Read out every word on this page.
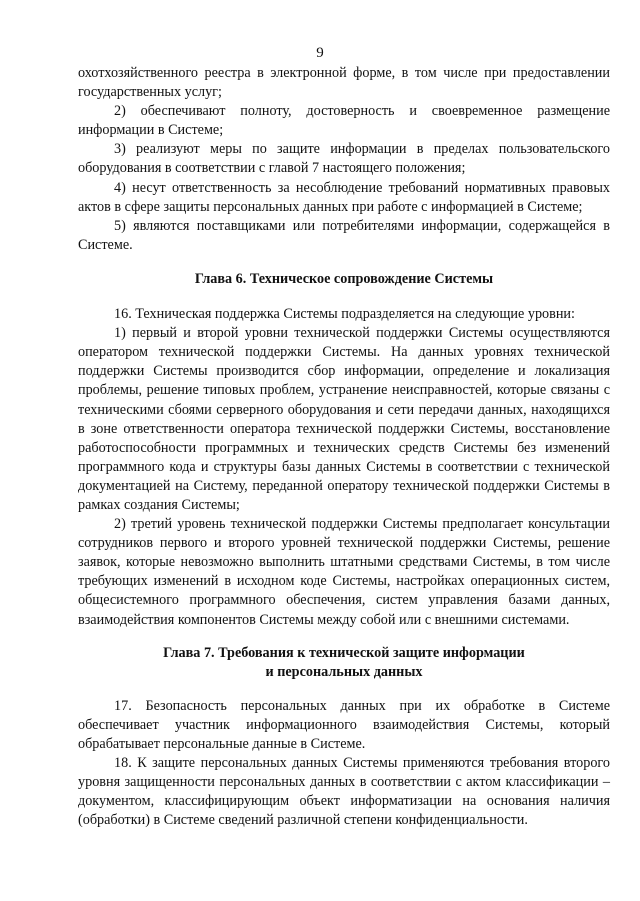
9

охотхозяйственного реестра в электронной форме, в том числе при предоставлении государственных услуг;

2) обеспечивают полноту, достоверность и своевременное размещение информации в Системе;

3) реализуют меры по защите информации в пределах пользовательского оборудования в соответствии с главой 7 настоящего положения;

4) несут ответственность за несоблюдение требований нормативных правовых актов в сфере защиты персональных данных при работе с информацией в Системе;

5) являются поставщиками или потребителями информации, содержащейся в Системе.

Глава 6. Техническое сопровождение Системы

16. Техническая поддержка Системы подразделяется на следующие уровни:

1) первый и второй уровни технической поддержки Системы осуществляются оператором технической поддержки Системы. На данных уровнях технической поддержки Системы производится сбор информации, определение и локализация проблемы, решение типовых проблем, устранение неисправностей, которые связаны с техническими сбоями серверного оборудования и сети передачи данных, находящихся в зоне ответственности оператора технической поддержки Системы, восстановление работоспособности программных и технических средств Системы без изменений программного кода и структуры базы данных Системы в соответствии с технической документацией на Систему, переданной оператору технической поддержки Системы в рамках создания Системы;

2) третий уровень технической поддержки Системы предполагает консультации сотрудников первого и второго уровней технической поддержки Системы, решение заявок, которые невозможно выполнить штатными средствами Системы, в том числе требующих изменений в исходном коде Системы, настройках операционных систем, общесистемного программного обеспечения, систем управления базами данных, взаимодействия компонентов Системы между собой или с внешними системами.

Глава 7. Требования к технической защите информации
и персональных данных

17. Безопасность персональных данных при их обработке в Системе обеспечивает участник информационного взаимодействия Системы, который обрабатывает персональные данные в Системе.

18. К защите персональных данных Системы применяются требования второго уровня защищенности персональных данных в соответствии с актом классификации – документом, классифицирующим объект информатизации на основания наличия (обработки) в Системе сведений различной степени конфиденциальности.
